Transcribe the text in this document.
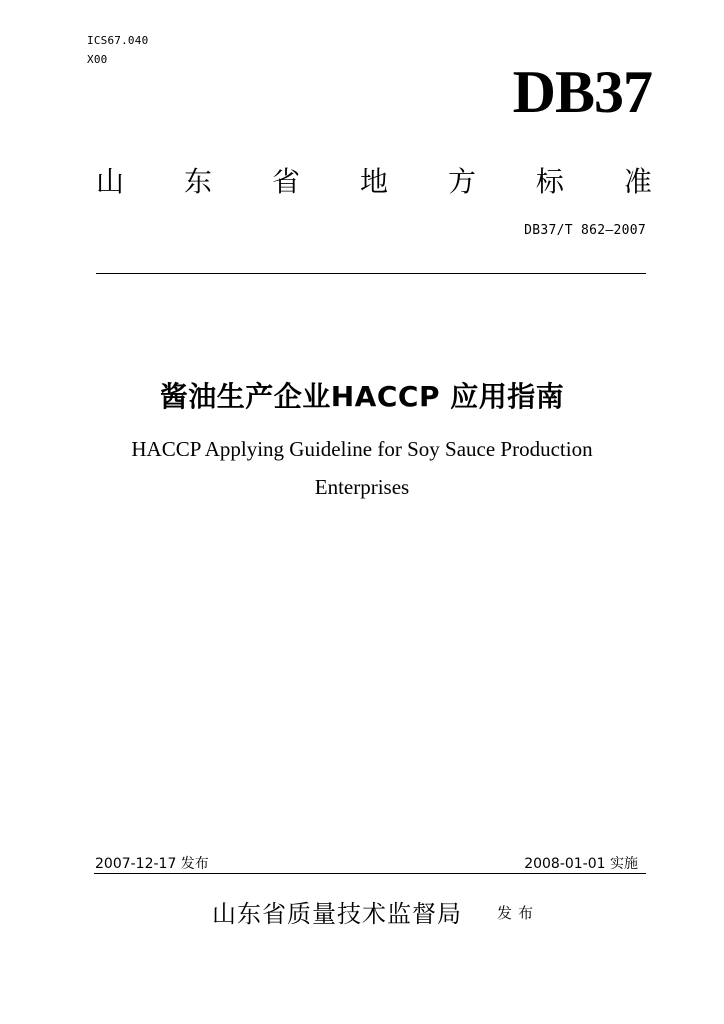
ICS67.040
X00	DB37
山 东 省 地 方 标 准
DB37/T 862—2007
酱油生产企业HACCP 应用指南
HACCP Applying Guideline for Soy Sauce Production
Enterprises
2007-12-17 发布	2008-01-01 实施
山东省质量技术监督局 发布
